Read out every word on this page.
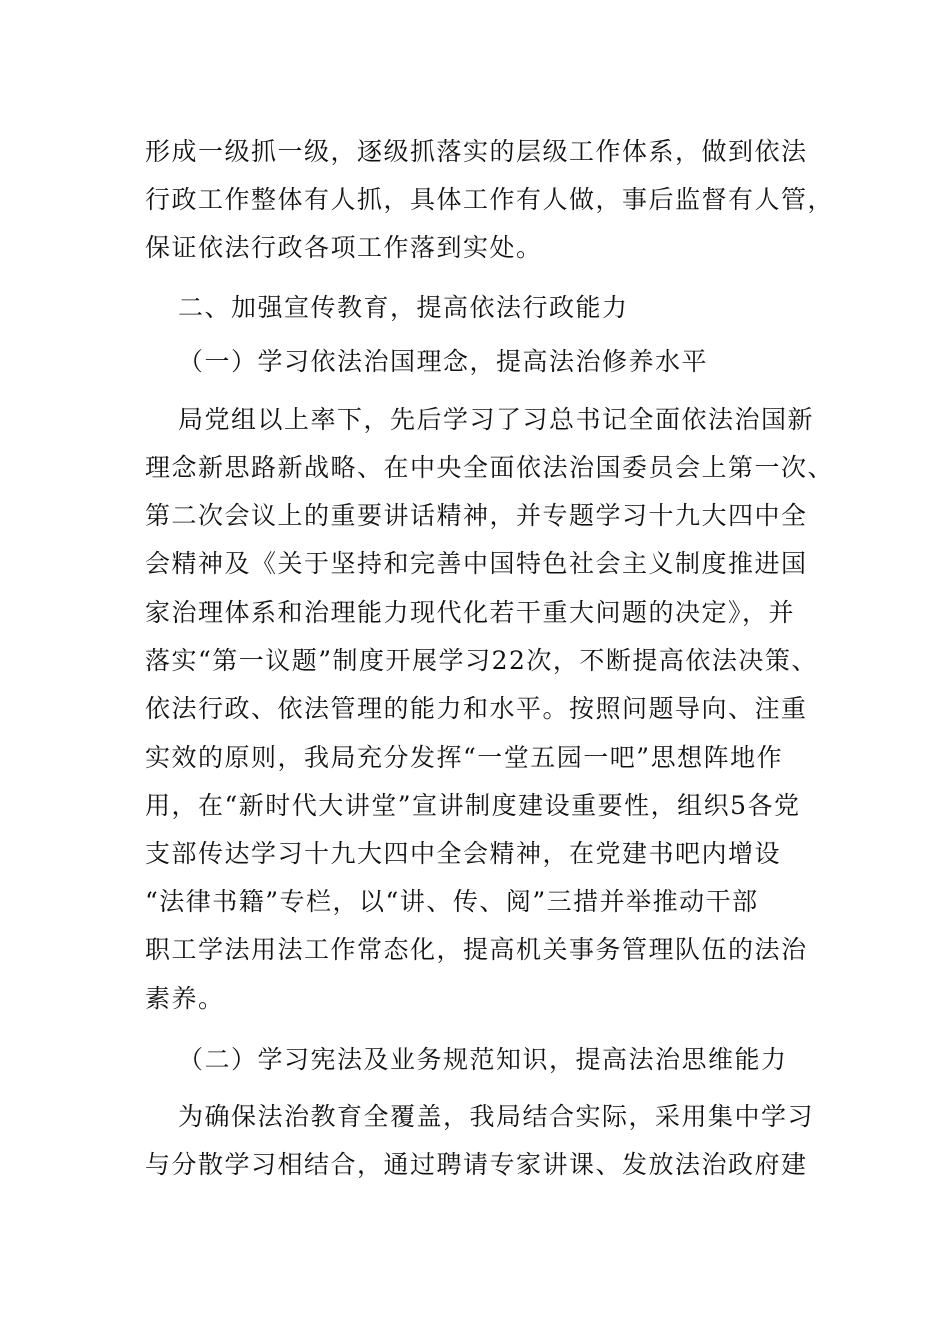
形成一级抓一级，逐级抓落实的层级工作体系，做到依法
行政工作整体有人抓，具体工作有人做，事后监督有人管，
保证依法行政各项工作落到实处。
二、加强宣传教育，提高依法行政能力
（一）学习依法治国理念，提高法治修养水平
局党组以上率下，先后学习了习总书记全面依法治国新
理念新思路新战略、在中央全面依法治国委员会上第一次、
第二次会议上的重要讲话精神，并专题学习十九大四中全
会精神及《关于坚持和完善中国特色社会主义制度推进国
家治理体系和治理能力现代化若干重大问题的决定》，并
落实“第一议题”制度开展学习22次，不断提高依法决策、
依法行政、依法管理的能力和水平。按照问题导向、注重
实效的原则，我局充分发挥“一堂五园一吧”思想阵地作
用，在“新时代大讲堂”宣讲制度建设重要性，组织5各党
支部传达学习十九大四中全会精神，在党建书吧内增设
“法律书籍”专栏，以“讲、传、阅”三措并举推动干部
职工学法用法工作常态化，提高机关事务管理队伍的法治
素养。
（二）学习宪法及业务规范知识，提高法治思维能力
为确保法治教育全覆盖，我局结合实际，采用集中学习
与分散学习相结合，通过聘请专家讲课、发放法治政府建
